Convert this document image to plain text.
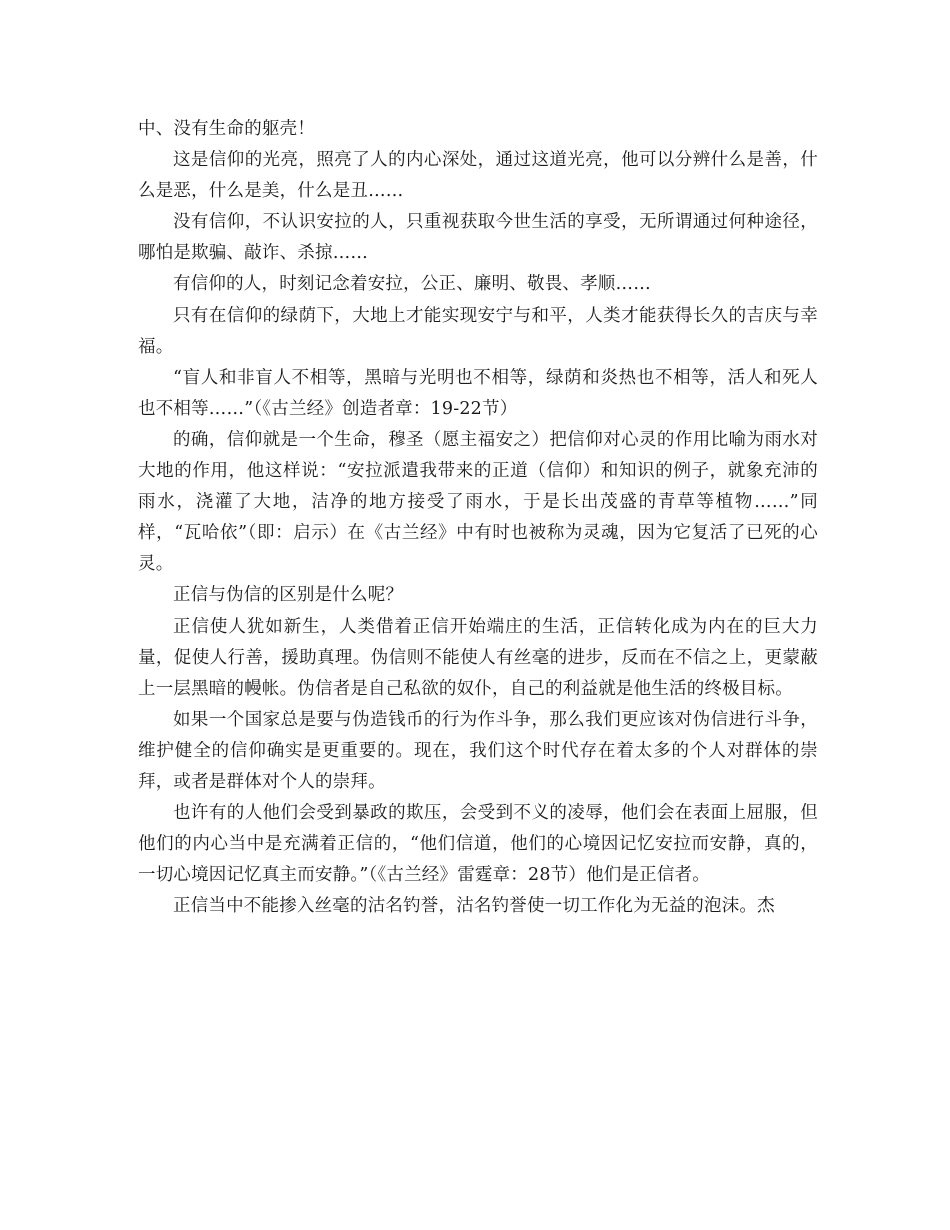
中、没有生命的躯壳！

这是信仰的光亮，照亮了人的内心深处，通过这道光亮，他可以分辨什么是善，什么是恶，什么是美，什么是丑……

没有信仰，不认识安拉的人，只重视获取今世生活的享受，无所谓通过何种途径，哪怕是欺骗、敲诈、杀掠……

有信仰的人，时刻记念着安拉，公正、廉明、敬畏、孝顺……

只有在信仰的绿荫下，大地上才能实现安宁与和平，人类才能获得长久的吉庆与幸福。

“盲人和非盲人不相等，黑暗与光明也不相等，绿荫和炎热也不相等，活人和死人也不相等……”（《古兰经》创造者章：19-22节）

的确，信仰就是一个生命，穆圣（愿主福安之）把信仰对心灵的作用比喻为雨水对大地的作用，他这样说：“安拉派遣我带来的正道（信仰）和知识的例子，就象充沛的雨水，浇灌了大地，洁净的地方接受了雨水，于是长出茂盛的青草等植物……”同样，“瓦哈依”（即：启示）在《古兰经》中有时也被称为灵魂，因为它复活了已死的心灵。

正信与伪信的区别是什么呢？

正信使人犹如新生，人类借着正信开始端庄的生活，正信转化成为内在的巨大力量，促使人行善，援助真理。伪信则不能使人有丝毫的进步，反而在不信之上，更蒙蔽上一层黑暗的幔帐。伪信者是自己私欲的奴仆，自己的利益就是他生活的终极目标。

如果一个国家总是要与伪造钱币的行为作斗争，那么我们更应该对伪信进行斗争，维护健全的信仰确实是更重要的。现在，我们这个时代存在着太多的个人对群体的崇拜，或者是群体对个人的崇拜。

也许有的人他们会受到暴政的欺压，会受到不义的凌辱，他们会在表面上屈服，但他们的内心当中是充满着正信的，“他们信道，他们的心境因记忆安拉而安静，真的，一切心境因记忆真主而安静。”（《古兰经》雷霆章：28节）他们是正信者。

正信当中不能掺入丝毫的沽名钓誉，沽名钓誉使一切工作化为无益的泡沫。杰
